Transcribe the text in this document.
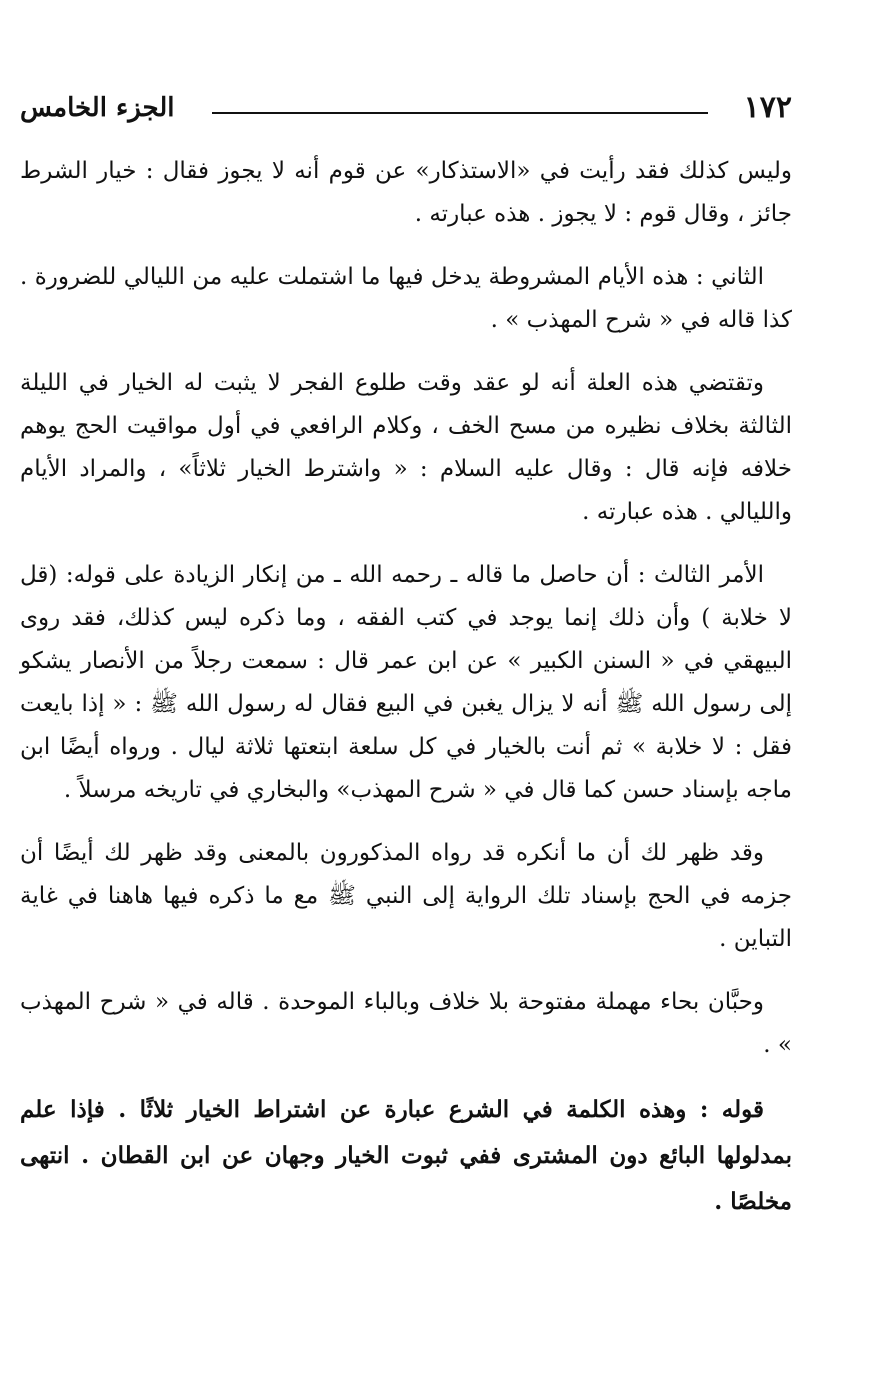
١٧٢
الجزء الخامس

وليس كذلك فقد رأيت في «الاستذكار» عن قوم أنه لا يجوز فقال : خيار الشرط جائز ، وقال قوم : لا يجوز . هذه عبارته .

الثاني : هذه الأيام المشروطة يدخل فيها ما اشتملت عليه من الليالي للضرورة . كذا قاله في « شرح المهذب » .

وتقتضي هذه العلة أنه لو عقد وقت طلوع الفجر لا يثبت له الخيار في الليلة الثالثة بخلاف نظيره من مسح الخف ، وكلام الرافعي في أول مواقيت الحج يوهم خلافه فإنه قال : وقال عليه السلام : « واشترط الخيار ثلاثاً» ، والمراد الأيام والليالي . هذه عبارته .

الأمر الثالث : أن حاصل ما قاله ـ رحمه الله ـ من إنكار الزيادة على قوله: (قل لا خلابة ) وأن ذلك إنما يوجد في كتب الفقه ، وما ذكره ليس كذلك، فقد روى البيهقي في « السنن الكبير » عن ابن عمر قال : سمعت رجلاً من الأنصار يشكو إلى رسول الله ﷺ أنه لا يزال يغبن في البيع فقال له رسول الله ﷺ : « إذا بايعت فقل : لا خلابة » ثم أنت بالخيار في كل سلعة ابتعتها ثلاثة ليال . ورواه أيضًا ابن ماجه بإسناد حسن كما قال في « شرح المهذب» والبخاري في تاريخه مرسلاً .

وقد ظهر لك أن ما أنكره قد رواه المذكورون بالمعنى وقد ظهر لك أيضًا أن جزمه في الحج بإسناد تلك الرواية إلى النبي ﷺ مع ما ذكره فيها هاهنا في غاية التباين .

وحبَّان بحاء مهملة مفتوحة بلا خلاف وبالباء الموحدة . قاله في « شرح المهذب » .

قوله : وهذه الكلمة في الشرع عبارة عن اشتراط الخيار ثلاثًا . فإذا علم بمدلولها البائع دون المشترى ففي ثبوت الخيار وجهان عن ابن القطان . انتهى مخلصًا .
